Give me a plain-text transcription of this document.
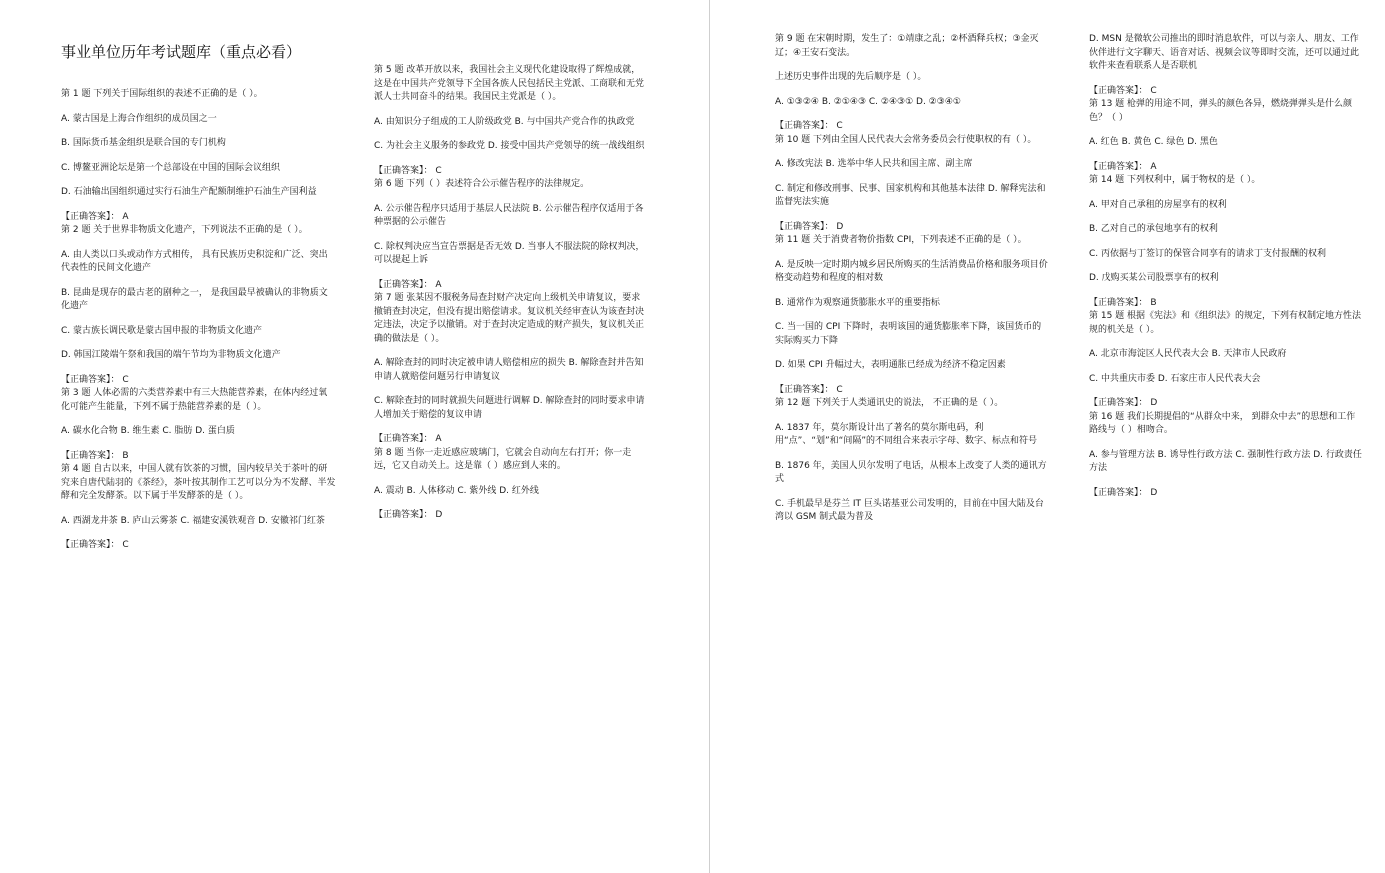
事业单位历年考试题库（重点必看）

第 1 题 下列关于国际组织的表述不正确的是（ ）。

A. 蒙古国是上海合作组织的成员国之一

B. 国际货币基金组织是联合国的专门机构

C. 博鳌亚洲论坛是第一个总部设在中国的国际会议组织

D. 石油输出国组织通过实行石油生产配额制维护石油生产国利益

【正确答案】： A

第 2 题 关于世界非物质文化遗产，下列说法不正确的是（ ）。

A. 由人类以口头或动作方式相传， 具有民族历史积淀和广泛、突出代表性的民间文化遗产

B. 昆曲是现存的最古老的剧种之一， 是我国最早被确认的非物质文化遗产

C. 蒙古族长调民歌是蒙古国申报的非物质文化遗产

D. 韩国江陵端午祭和我国的端午节均为非物质文化遗产

【正确答案】： C

第 3 题 人体必需的六类营养素中有三大热能营养素，在体内经过氧化可能产生能量，下列不属于热能营养素的是（ ）。

A. 碳水化合物 B. 维生素 C. 脂肪 D. 蛋白质

【正确答案】： B

第 4 题 自古以来，中国人就有饮茶的习惯，国内较早关于茶叶的研究来自唐代陆羽的《茶经》，茶叶按其制作工艺可以分为不发酵、半发酵和完全发酵茶。以下属于半发酵茶的是（ ）。

A. 西湖龙井茶 B. 庐山云雾茶 C. 福建安溪铁观音 D. 安徽祁门红茶

【正确答案】： C

第 5 题 改革开放以来，我国社会主义现代化建设取得了辉煌成就，这是在中国共产党领导下全国各族人民包括民主党派、工商联和无党派人士共同奋斗的结果。我国民主党派是（ ）。

A. 由知识分子组成的工人阶级政党 B. 与中国共产党合作的执政党

C. 为社会主义服务的参政党 D. 接受中国共产党领导的统一战线组织

【正确答案】： C

第 6 题 下列（ ）表述符合公示催告程序的法律规定。

A. 公示催告程序只适用于基层人民法院 B. 公示催告程序仅适用于各种票据的公示催告

C. 除权判决应当宣告票据是否无效 D. 当事人不服法院的除权判决，可以提起上诉

【正确答案】： A

第 7 题 张某因不服税务局查封财产决定向上级机关申请复议，要求撤销查封决定，但没有提出赔偿请求。复议机关经审查认为该查封决定违法，决定予以撤销。对于查封决定造成的财产损失，复议机关正确的做法是（ ）。

A. 解除查封的同时决定被申请人赔偿相应的损失 B. 解除查封并告知申请人就赔偿问题另行申请复议

C. 解除查封的同时就损失问题进行调解 D. 解除查封的同时要求申请人增加关于赔偿的复议申请

【正确答案】： A

第 8 题 当你一走近感应玻璃门，它就会自动向左右打开；你一走远，它又自动关上。这是靠（ ）感应到人来的。

A. 震动 B. 人体移动 C. 紫外线 D. 红外线

【正确答案】： D

第 9 题 在宋朝时期，发生了：①靖康之乱；②杯酒释兵权；③金灭辽；④王安石变法。

上述历史事件出现的先后顺序是（ ）。

A. ①③②④ B. ②①④③ C. ②④③① D. ②③④①

【正确答案】： C

第 10 题 下列由全国人民代表大会常务委员会行使职权的有（ ）。

A. 修改宪法 B. 选举中华人民共和国主席、副主席

C. 制定和修改刑事、民事、国家机构和其他基本法律 D. 解释宪法和监督宪法实施

【正确答案】： D

第 11 题 关于消费者物价指数 CPI，下列表述不正确的是（ ）。

A. 是反映一定时期内城乡居民所购买的生活消费品价格和服务项目价格变动趋势和程度的相对数

B. 通常作为观察通货膨胀水平的重要指标

C. 当一国的 CPI 下降时，表明该国的通货膨胀率下降，该国货币的实际购买力下降

D. 如果 CPI 升幅过大，表明通胀已经成为经济不稳定因素

【正确答案】： C

第 12 题 下列关于人类通讯史的说法， 不正确的是（ ）。

A. 1837 年，莫尔斯设计出了著名的莫尔斯电码，利用“点”、“划”和“间隔”的不同组合来表示字母、数字、标点和符号

B. 1876 年，美国人贝尔发明了电话，从根本上改变了人类的通讯方式

C. 手机最早是芬兰 IT 巨头诺基亚公司发明的，目前在中国大陆及台湾以 GSM 制式最为普及

D. MSN 是微软公司推出的即时消息软件，可以与亲人、朋友、工作伙伴进行文字聊天、语音对话、视频会议等即时交流，还可以通过此软件来查看联系人是否联机

【正确答案】： C

第 13 题 枪弹的用途不同，弹头的颜色各异，燃烧弹弹头是什么颜色？（ ）

A. 红色 B. 黄色 C. 绿色 D. 黑色

【正确答案】： A

第 14 题 下列权利中，属于物权的是（ ）。

A. 甲对自己承租的房屋享有的权利

B. 乙对自己的承包地享有的权利

C. 丙依据与丁签订的保管合同享有的请求丁支付报酬的权利

D. 戊购买某公司股票享有的权利

【正确答案】： B

第 15 题 根据《宪法》和《组织法》的规定，下列有权制定地方性法规的机关是（ ）。

A. 北京市海淀区人民代表大会 B. 天津市人民政府

C. 中共重庆市委 D. 石家庄市人民代表大会

【正确答案】： D

第 16 题 我们长期提倡的“从群众中来， 到群众中去”的思想和工作路线与（ ）相吻合。

A. 参与管理方法 B. 诱导性行政方法 C. 强制性行政方法 D. 行政责任方法

【正确答案】： D
